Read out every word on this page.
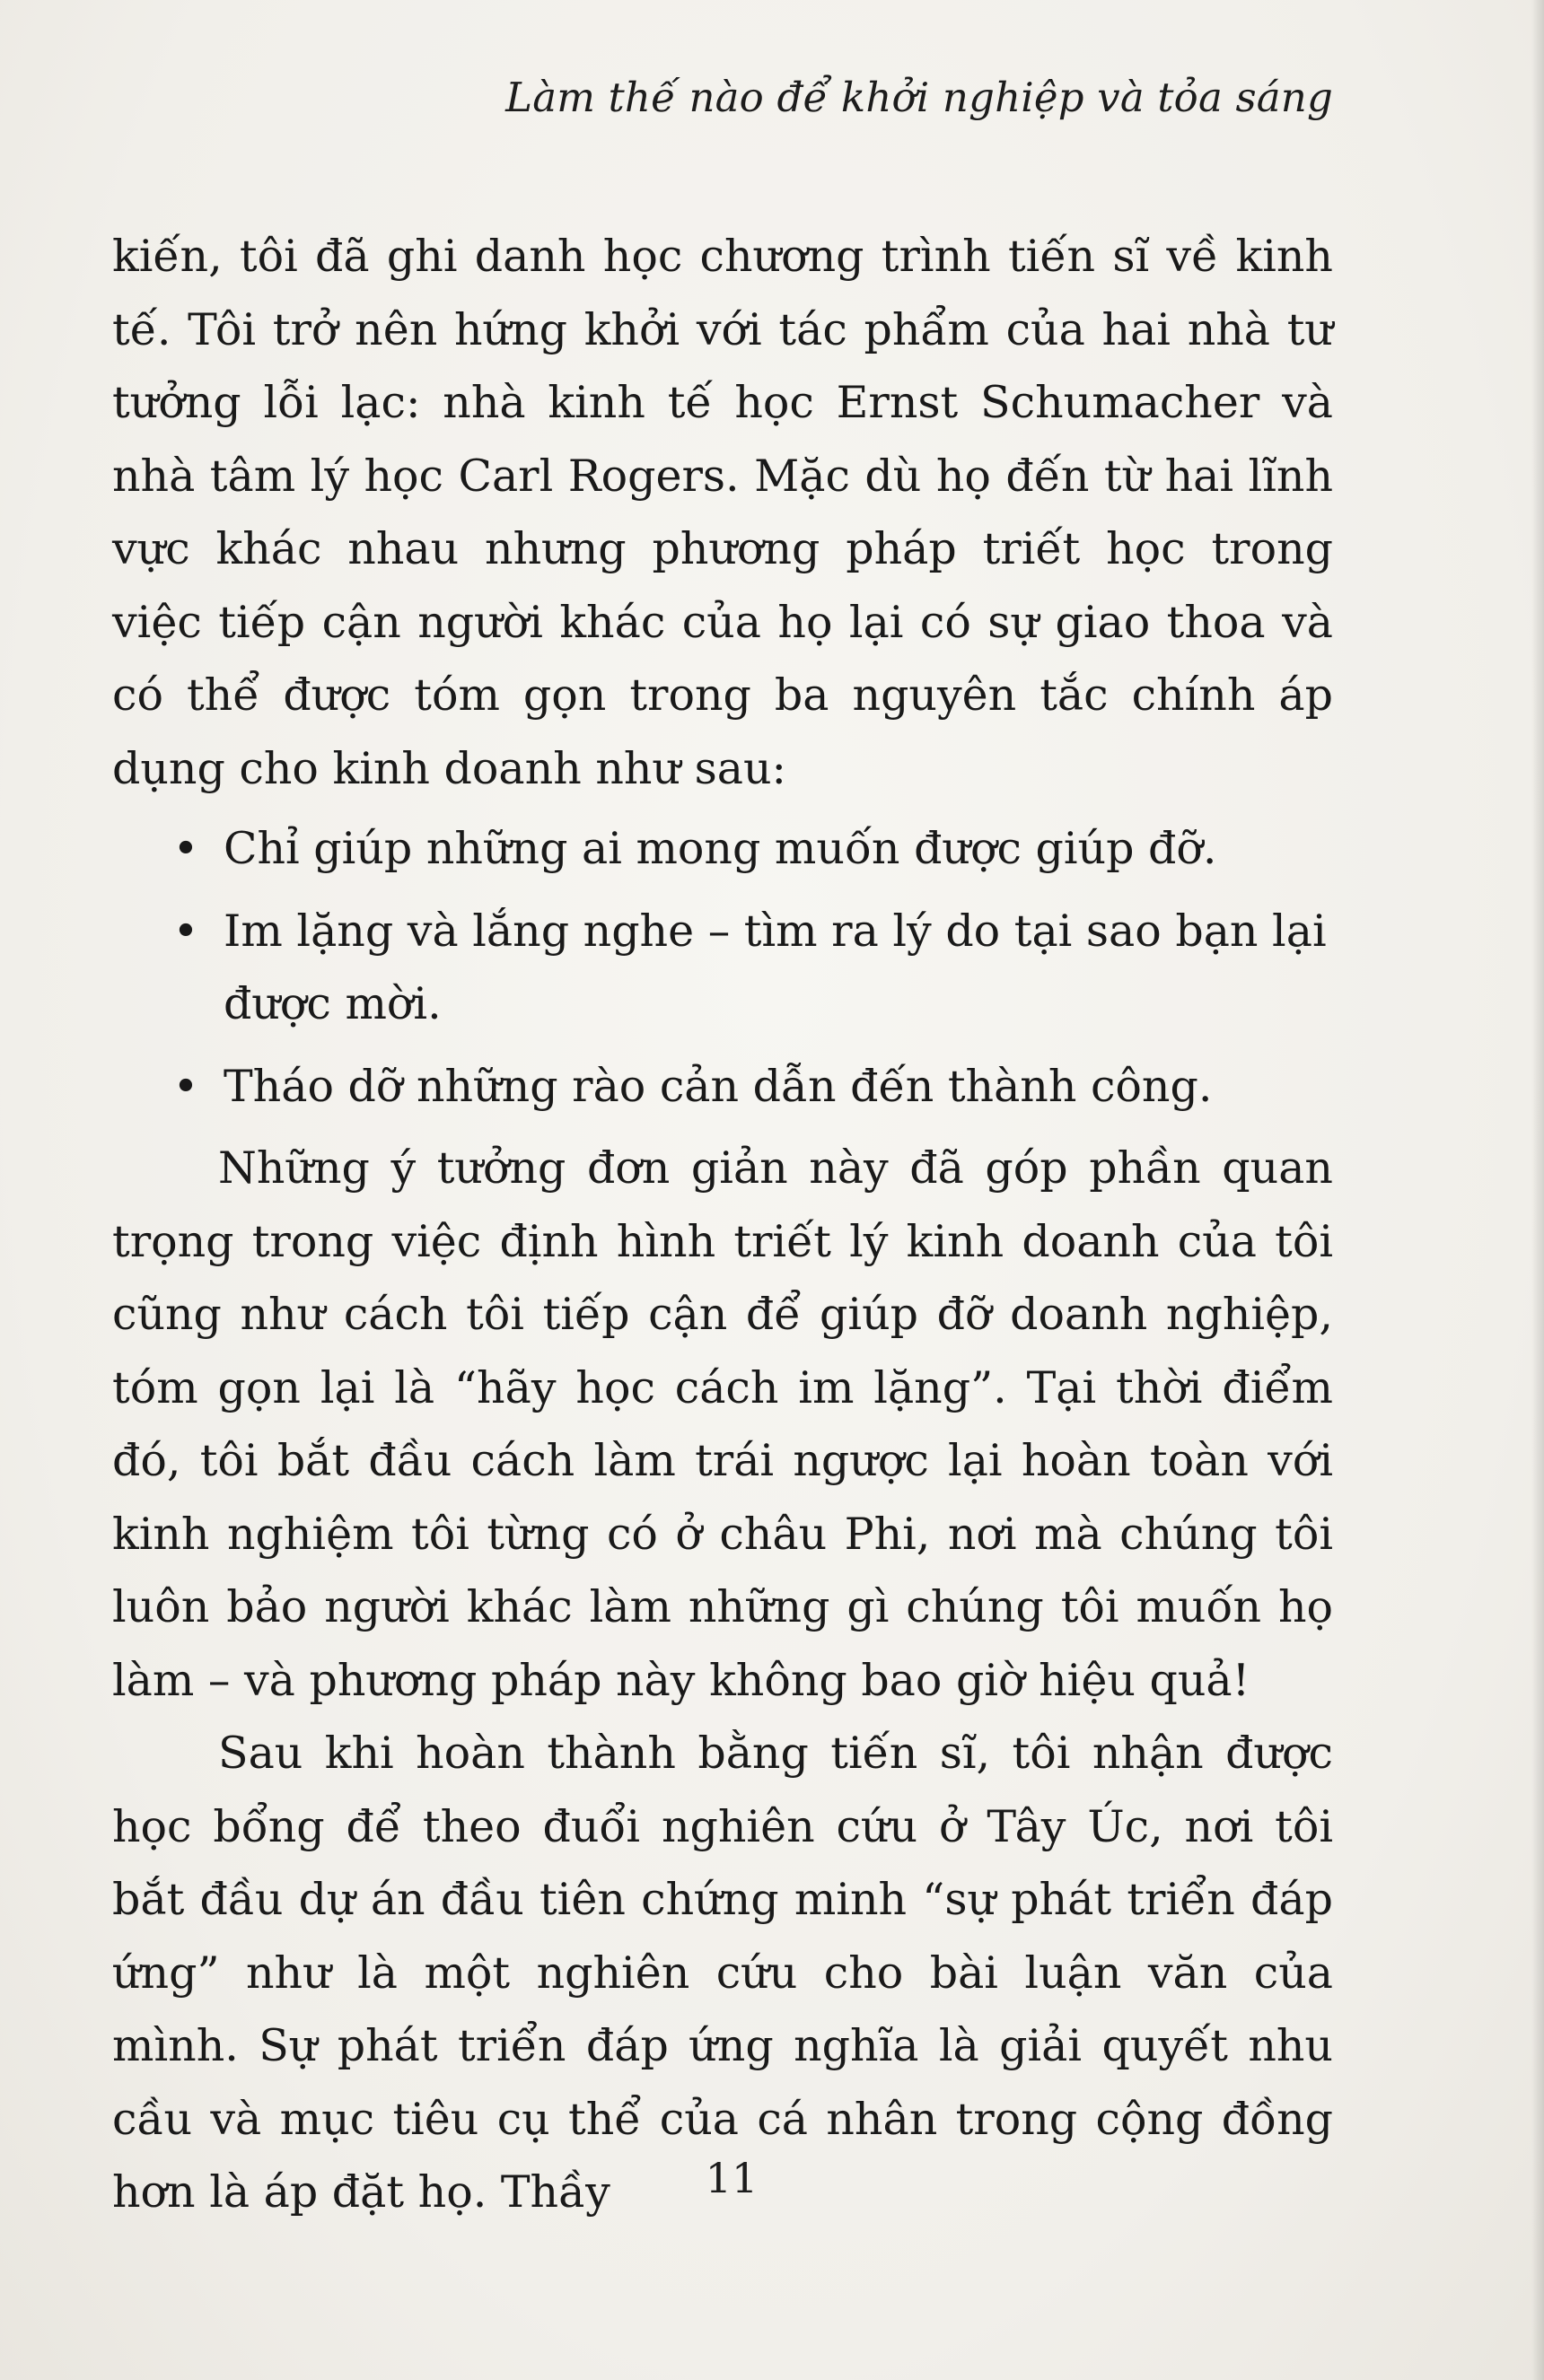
Làm thế nào để khởi nghiệp và tỏa sáng

kiến, tôi đã ghi danh học chương trình tiến sĩ về kinh tế. Tôi trở nên hứng khởi với tác phẩm của hai nhà tư tưởng lỗi lạc: nhà kinh tế học Ernst Schumacher và nhà tâm lý học Carl Rogers. Mặc dù họ đến từ hai lĩnh vực khác nhau nhưng phương pháp triết học trong việc tiếp cận người khác của họ lại có sự giao thoa và có thể được tóm gọn trong ba nguyên tắc chính áp dụng cho kinh doanh như sau:

• Chỉ giúp những ai mong muốn được giúp đỡ.
• Im lặng và lắng nghe – tìm ra lý do tại sao bạn lại được mời.
• Tháo dỡ những rào cản dẫn đến thành công.

Những ý tưởng đơn giản này đã góp phần quan trọng trong việc định hình triết lý kinh doanh của tôi cũng như cách tôi tiếp cận để giúp đỡ doanh nghiệp, tóm gọn lại là “hãy học cách im lặng”. Tại thời điểm đó, tôi bắt đầu cách làm trái ngược lại hoàn toàn với kinh nghiệm tôi từng có ở châu Phi, nơi mà chúng tôi luôn bảo người khác làm những gì chúng tôi muốn họ làm – và phương pháp này không bao giờ hiệu quả!

Sau khi hoàn thành bằng tiến sĩ, tôi nhận được học bổng để theo đuổi nghiên cứu ở Tây Úc, nơi tôi bắt đầu dự án đầu tiên chứng minh “sự phát triển đáp ứng” như là một nghiên cứu cho bài luận văn của mình. Sự phát triển đáp ứng nghĩa là giải quyết nhu cầu và mục tiêu cụ thể của cá nhân trong cộng đồng hơn là áp đặt họ. Thầy	11
